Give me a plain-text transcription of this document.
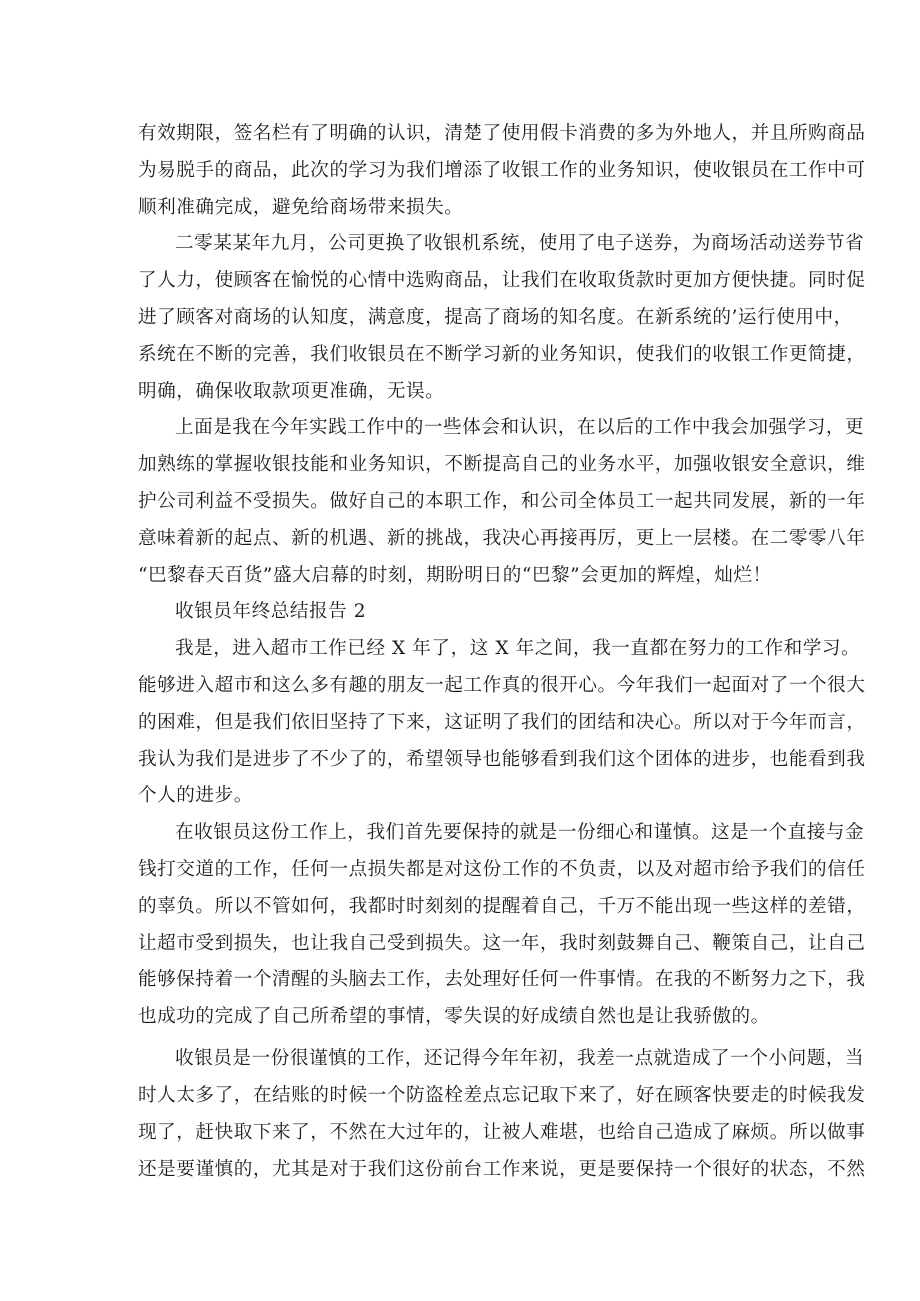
有效期限，签名栏有了明确的认识，清楚了使用假卡消费的多为外地人，并且所购商品
为易脱手的商品，此次的学习为我们增添了收银工作的业务知识，使收银员在工作中可
顺利准确完成，避免给商场带来损失。
二零某某年九月，公司更换了收银机系统，使用了电子送券，为商场活动送券节省
了人力，使顾客在愉悦的心情中选购商品，让我们在收取货款时更加方便快捷。同时促
进了顾客对商场的认知度，满意度，提高了商场的知名度。在新系统的’运行使用中，
系统在不断的完善，我们收银员在不断学习新的业务知识，使我们的收银工作更简捷，
明确，确保收取款项更准确，无误。
上面是我在今年实践工作中的一些体会和认识，在以后的工作中我会加强学习，更
加熟练的掌握收银技能和业务知识，不断提高自己的业务水平，加强收银安全意识，维
护公司利益不受损失。做好自己的本职工作，和公司全体员工一起共同发展，新的一年
意味着新的起点、新的机遇、新的挑战，我决心再接再厉，更上一层楼。在二零零八年
“巴黎春天百货”盛大启幕的时刻，期盼明日的“巴黎”会更加的辉煌，灿烂！
收银员年终总结报告 2
我是，进入超市工作已经 X 年了，这 X 年之间，我一直都在努力的工作和学习。
能够进入超市和这么多有趣的朋友一起工作真的很开心。今年我们一起面对了一个很大
的困难，但是我们依旧坚持了下来，这证明了我们的团结和决心。所以对于今年而言，
我认为我们是进步了不少了的，希望领导也能够看到我们这个团体的进步，也能看到我
个人的进步。
在收银员这份工作上，我们首先要保持的就是一份细心和谨慎。这是一个直接与金
钱打交道的工作，任何一点损失都是对这份工作的不负责，以及对超市给予我们的信任
的辜负。所以不管如何，我都时时刻刻的提醒着自己，千万不能出现一些这样的差错，
让超市受到损失，也让我自己受到损失。这一年，我时刻鼓舞自己、鞭策自己，让自己
能够保持着一个清醒的头脑去工作，去处理好任何一件事情。在我的不断努力之下，我
也成功的完成了自己所希望的事情，零失误的好成绩自然也是让我骄傲的。
收银员是一份很谨慎的工作，还记得今年年初，我差一点就造成了一个小问题，当
时人太多了，在结账的时候一个防盗栓差点忘记取下来了，好在顾客快要走的时候我发
现了，赶快取下来了，不然在大过年的，让被人难堪，也给自己造成了麻烦。所以做事
还是要谨慎的，尤其是对于我们这份前台工作来说，更是要保持一个很好的状态，不然
